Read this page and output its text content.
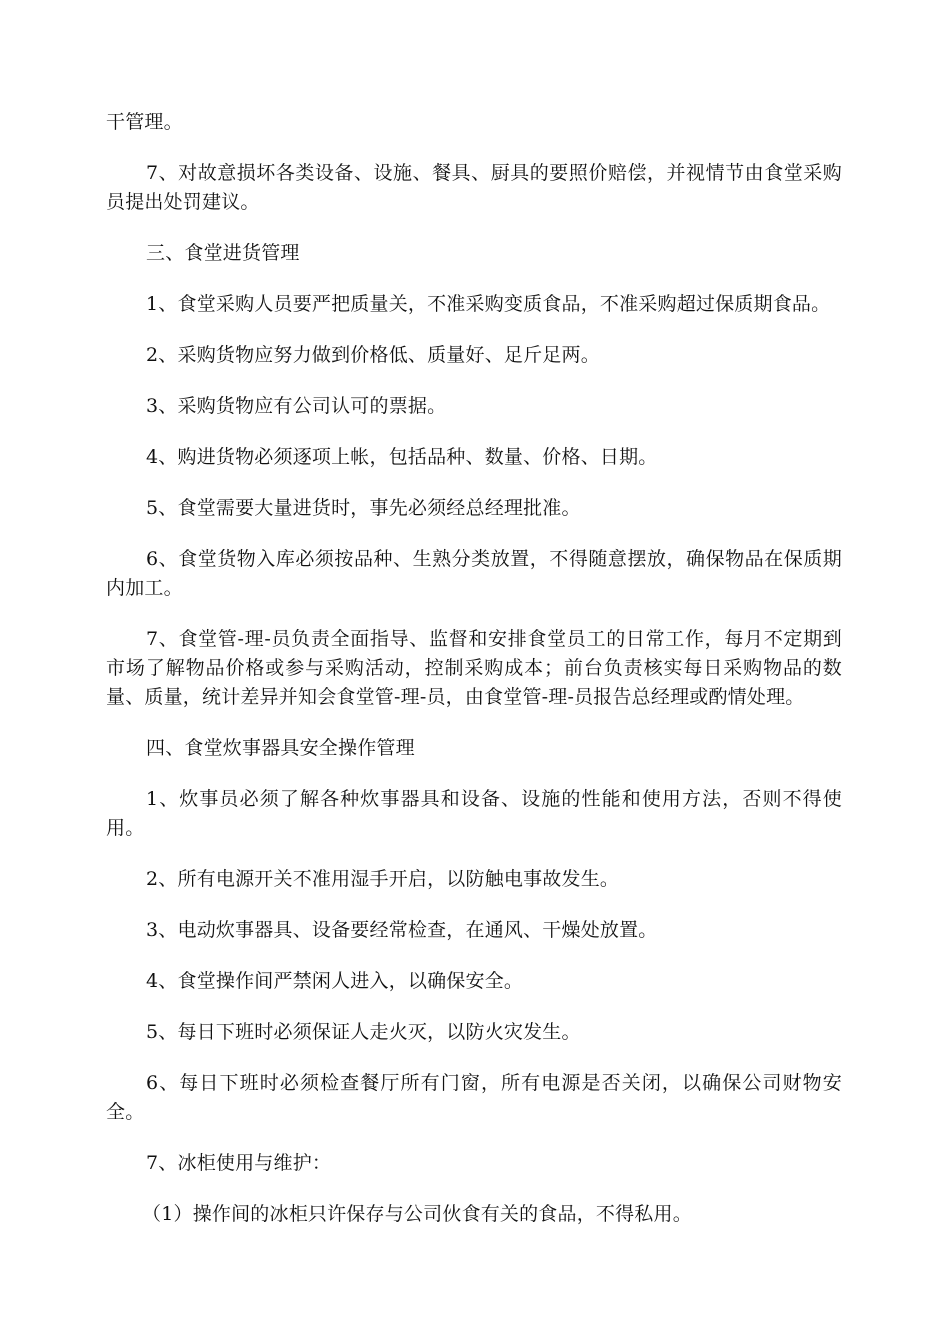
干管理。

7、对故意损坏各类设备、设施、餐具、厨具的要照价赔偿，并视情节由食堂采购员提出处罚建议。

三、食堂进货管理

1、食堂采购人员要严把质量关，不准采购变质食品，不准采购超过保质期食品。

2、采购货物应努力做到价格低、质量好、足斤足两。

3、采购货物应有公司认可的票据。

4、购进货物必须逐项上帐，包括品种、数量、价格、日期。

5、食堂需要大量进货时，事先必须经总经理批准。

6、食堂货物入库必须按品种、生熟分类放置，不得随意摆放，确保物品在保质期内加工。

7、食堂管-理-员负责全面指导、监督和安排食堂员工的日常工作，每月不定期到市场了解物品价格或参与采购活动，控制采购成本；前台负责核实每日采购物品的数量、质量，统计差异并知会食堂管-理-员，由食堂管-理-员报告总经理或酌情处理。

四、食堂炊事器具安全操作管理

1、炊事员必须了解各种炊事器具和设备、设施的性能和使用方法，否则不得使用。

2、所有电源开关不准用湿手开启，以防触电事故发生。

3、电动炊事器具、设备要经常检查，在通风、干燥处放置。

4、食堂操作间严禁闲人进入，以确保安全。

5、每日下班时必须保证人走火灭，以防火灾发生。

6、每日下班时必须检查餐厅所有门窗，所有电源是否关闭，以确保公司财物安全。

7、冰柜使用与维护：

（1）操作间的冰柜只许保存与公司伙食有关的食品，不得私用。
